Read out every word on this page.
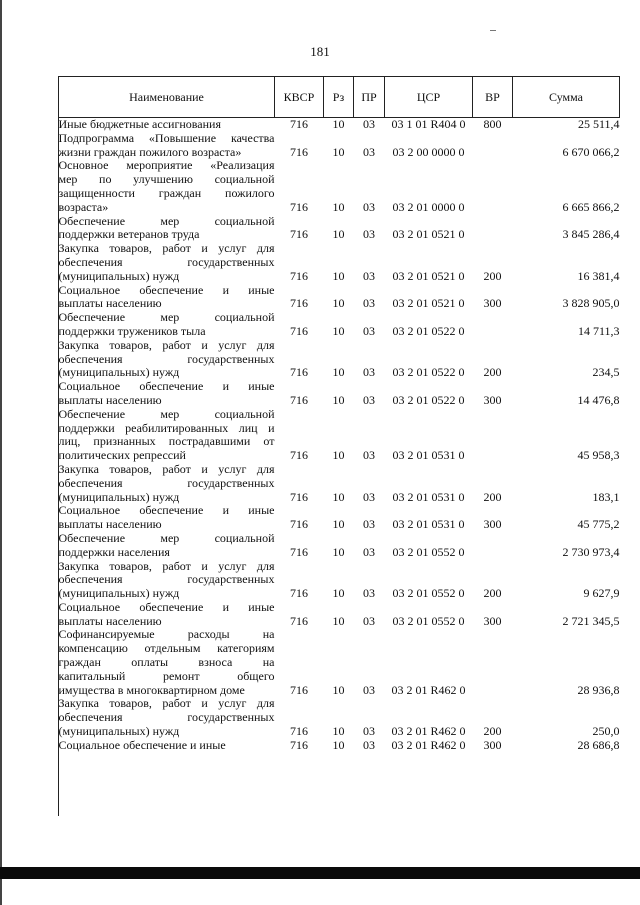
181
Наименование	КВСР	Рз	ПР	ЦСР	ВР	Сумма

Иные бюджетные ассигнования	716	10	03	03 1 01 R404 0	800	25 511,4

Подпрограмма «Повышение качества
жизни граждан пожилого возраста»	716	10	03	03 2 00 0000 0		6 670 066,2

Основное мероприятие «Реализация
мер по улучшению социальной
защищенности граждан пожилого
возраста»	716	10	03	03 2 01 0000 0		6 665 866,2

Обеспечение мер социальной
поддержки ветеранов труда	716	10	03	03 2 01 0521 0		3 845 286,4

Закупка товаров, работ и услуг для
обеспечения государственных
(муниципальных) нужд	716	10	03	03 2 01 0521 0	200	16 381,4

Социальное обеспечение и иные
выплаты населению	716	10	03	03 2 01 0521 0	300	3 828 905,0

Обеспечение мер социальной
поддержки тружеников тыла	716	10	03	03 2 01 0522 0		14 711,3

Закупка товаров, работ и услуг для
обеспечения государственных
(муниципальных) нужд	716	10	03	03 2 01 0522 0	200	234,5

Социальное обеспечение и иные
выплаты населению	716	10	03	03 2 01 0522 0	300	14 476,8

Обеспечение мер социальной
поддержки реабилитированных лиц и
лиц, признанных пострадавшими от
политических репрессий	716	10	03	03 2 01 0531 0		45 958,3

Закупка товаров, работ и услуг для
обеспечения государственных
(муниципальных) нужд	716	10	03	03 2 01 0531 0	200	183,1

Социальное обеспечение и иные
выплаты населению	716	10	03	03 2 01 0531 0	300	45 775,2

Обеспечение мер социальной
поддержки населения	716	10	03	03 2 01 0552 0		2 730 973,4

Закупка товаров, работ и услуг для
обеспечения государственных
(муниципальных) нужд	716	10	03	03 2 01 0552 0	200	9 627,9

Социальное обеспечение и иные
выплаты населению	716	10	03	03 2 01 0552 0	300	2 721 345,5

Софинансируемые расходы на
компенсацию отдельным категориям
граждан оплаты взноса на
капитальный ремонт общего
имущества в многоквартирном доме	716	10	03	03 2 01 R462 0		28 936,8

Закупка товаров, работ и услуг для
обеспечения государственных
(муниципальных) нужд	716	10	03	03 2 01 R462 0	200	250,0

Социальное обеспечение и иные	716	10	03	03 2 01 R462 0	300	28 686,8
